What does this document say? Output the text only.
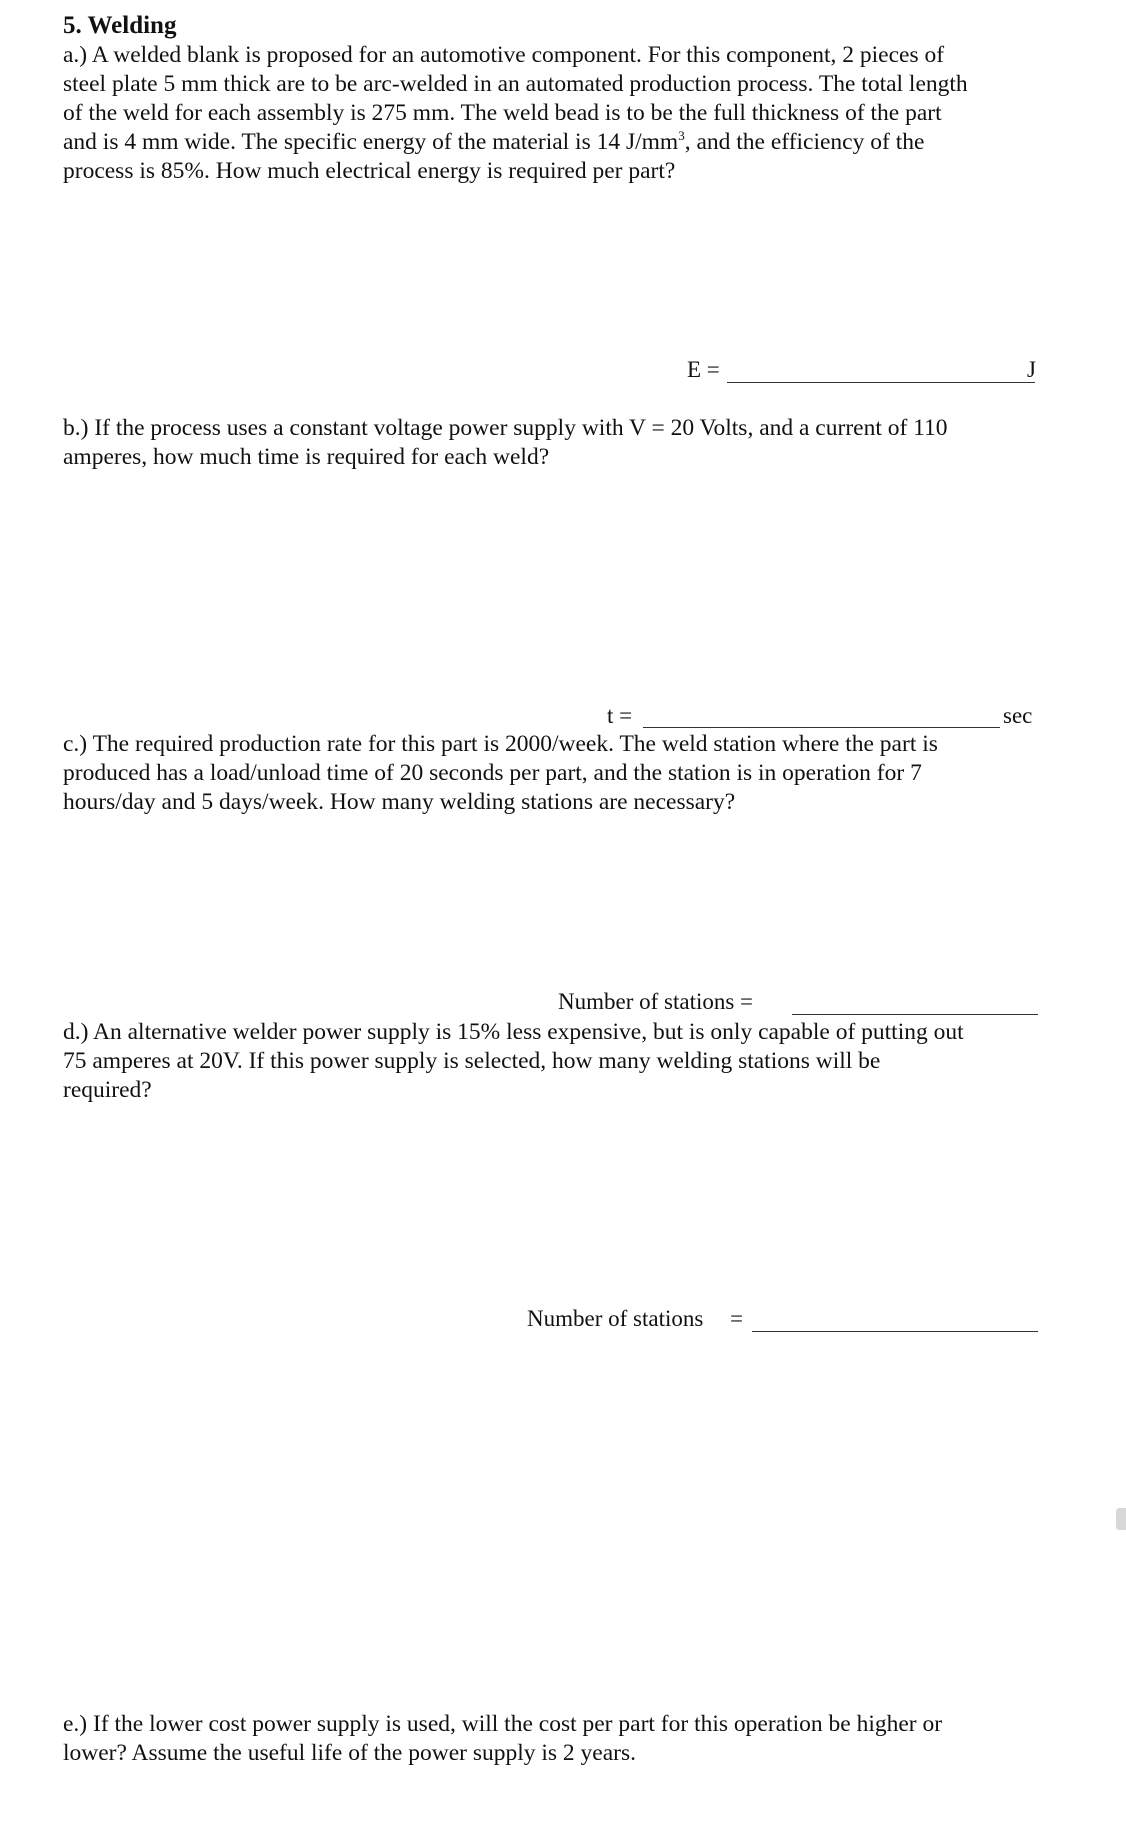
5. Welding

a.) A welded blank is proposed for an automotive component. For this component, 2 pieces of

steel plate 5 mm thick are to be arc-welded in an automated production process. The total length

of the weld for each assembly is 275 mm. The weld bead is to be the full thickness of the part

and is 4 mm wide. The specific energy of the material is 14 $J/mm^3$, and the efficiency of the

process is 85%. How much electrical energy is required per part?

E =	J

b.) If the process uses a constant voltage power supply with V = 20 Volts, and a current of 110

amperes, how much time is required for each weld?

t =	sec

c.) The required production rate for this part is 2000/week. The weld station where the part is

produced has a load/unload time of 20 seconds per part, and the station is in operation for 7

hours/day and 5 days/week. How many welding stations are necessary?

Number of stations =

d.) An alternative welder power supply is 15% less expensive, but is only capable of putting out

75 amperes at 20V. If this power supply is selected, how many welding stations will be

required?

Number of stations =

e.) If the lower cost power supply is used, will the cost per part for this operation be higher or

lower? Assume the useful life of the power supply is 2 years.
